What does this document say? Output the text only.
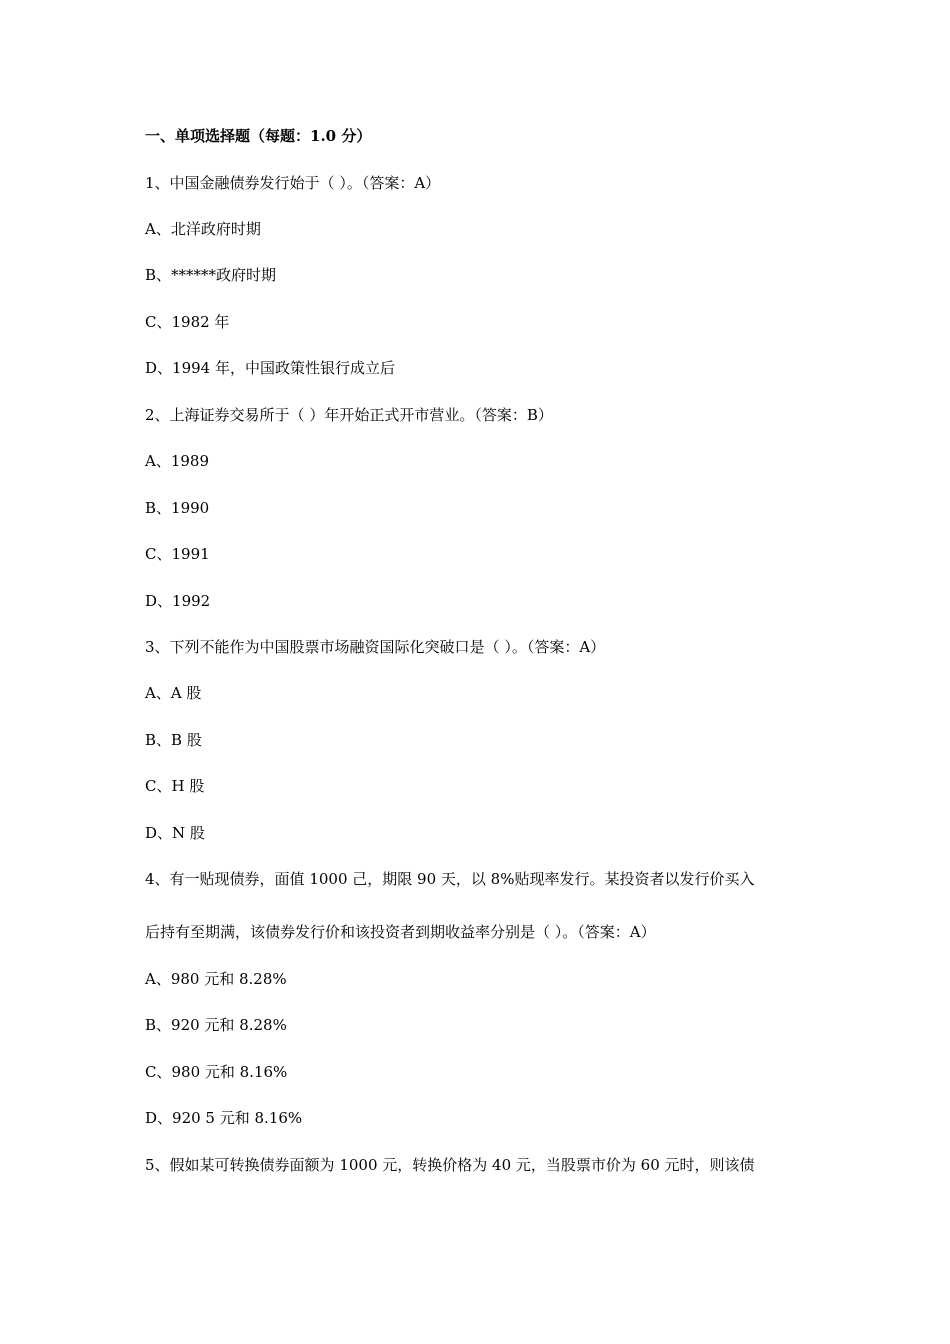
一、单项选择题（每题：1.0 分）
1、中国金融债券发行始于（ ）。（答案：A）
A、北洋政府时期
B、******政府时期
C、1982 年
D、1994 年，中国政策性银行成立后
2、上海证券交易所于（ ）年开始正式开市营业。（答案：B）
A、1989
B、1990
C、1991
D、1992
3、下列不能作为中国股票市场融资国际化突破口是（ ）。（答案：A）
A、A 股
B、B 股
C、H 股
D、N 股
4、有一贴现债券，面值 1000 己，期限 90 天，以 8%贴现率发行。某投资者以发行价买入
后持有至期满，该债券发行价和该投资者到期收益率分别是（ ）。（答案：A）
A、980 元和 8.28%
B、920 元和 8.28%
C、980 元和 8.16%
D、920 5 元和 8.16%
5、假如某可转换债券面额为 1000 元，转换价格为 40 元，当股票市价为 60 元时，则该债
